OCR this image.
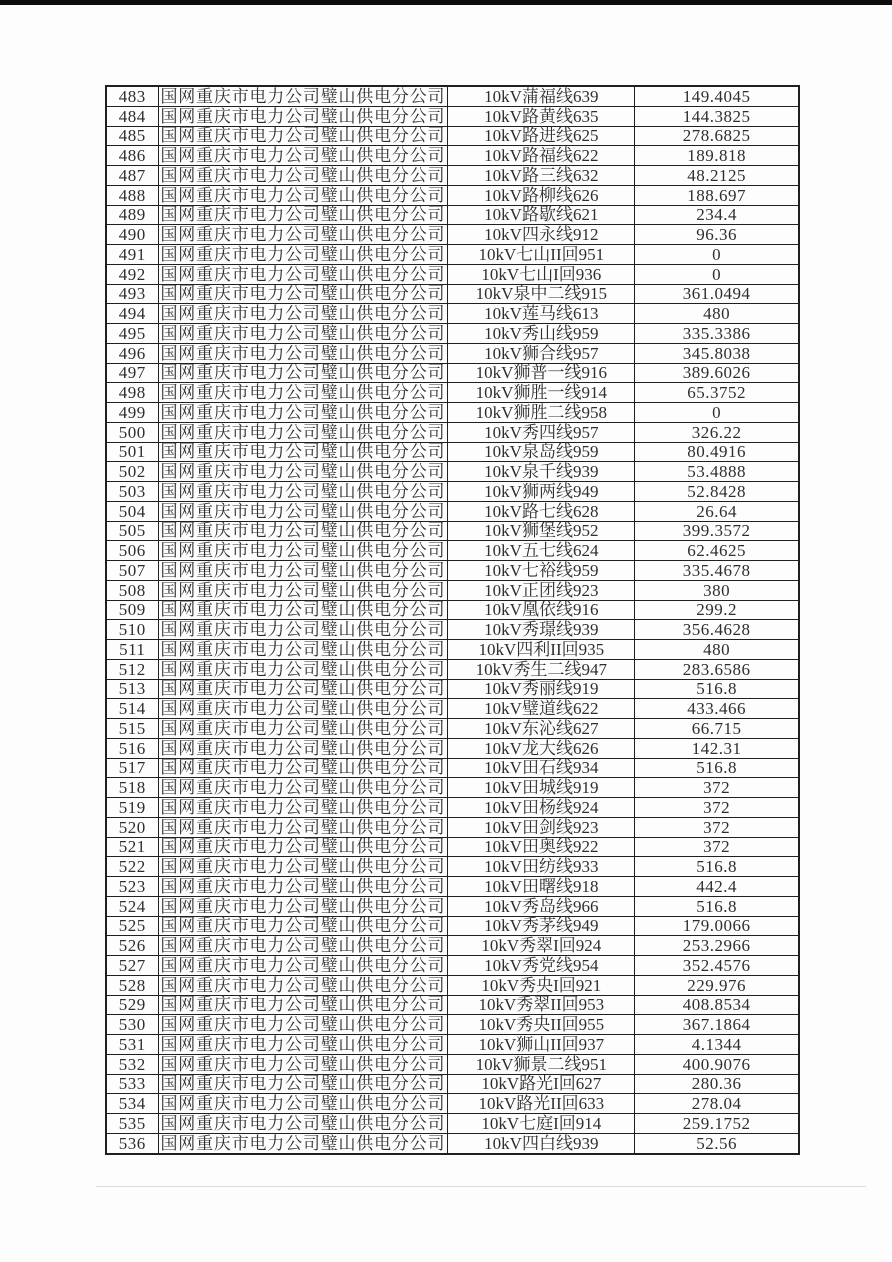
483	国网重庆市电力公司璧山供电分公司	10kV蒲福线639	149.4045
484	国网重庆市电力公司璧山供电分公司	10kV路黄线635	144.3825
485	国网重庆市电力公司璧山供电分公司	10kV路进线625	278.6825
486	国网重庆市电力公司璧山供电分公司	10kV路福线622	189.818
487	国网重庆市电力公司璧山供电分公司	10kV路三线632	48.2125
488	国网重庆市电力公司璧山供电分公司	10kV路柳线626	188.697
489	国网重庆市电力公司璧山供电分公司	10kV路歇线621	234.4
490	国网重庆市电力公司璧山供电分公司	10kV四永线912	96.36
491	国网重庆市电力公司璧山供电分公司	10kV七山II回951	0
492	国网重庆市电力公司璧山供电分公司	10kV七山I回936	0
493	国网重庆市电力公司璧山供电分公司	10kV泉中二线915	361.0494
494	国网重庆市电力公司璧山供电分公司	10kV莲马线613	480
495	国网重庆市电力公司璧山供电分公司	10kV秀山线959	335.3386
496	国网重庆市电力公司璧山供电分公司	10kV狮合线957	345.8038
497	国网重庆市电力公司璧山供电分公司	10kV狮普一线916	389.6026
498	国网重庆市电力公司璧山供电分公司	10kV狮胜一线914	65.3752
499	国网重庆市电力公司璧山供电分公司	10kV狮胜二线958	0
500	国网重庆市电力公司璧山供电分公司	10kV秀四线957	326.22
501	国网重庆市电力公司璧山供电分公司	10kV泉岛线959	80.4916
502	国网重庆市电力公司璧山供电分公司	10kV泉千线939	53.4888
503	国网重庆市电力公司璧山供电分公司	10kV狮两线949	52.8428
504	国网重庆市电力公司璧山供电分公司	10kV路七线628	26.64
505	国网重庆市电力公司璧山供电分公司	10kV狮堡线952	399.3572
506	国网重庆市电力公司璧山供电分公司	10kV五七线624	62.4625
507	国网重庆市电力公司璧山供电分公司	10kV七裕线959	335.4678
508	国网重庆市电力公司璧山供电分公司	10kV正团线923	380
509	国网重庆市电力公司璧山供电分公司	10kV凰依线916	299.2
510	国网重庆市电力公司璧山供电分公司	10kV秀璟线939	356.4628
511	国网重庆市电力公司璧山供电分公司	10kV四利II回935	480
512	国网重庆市电力公司璧山供电分公司	10kV秀生二线947	283.6586
513	国网重庆市电力公司璧山供电分公司	10kV秀丽线919	516.8
514	国网重庆市电力公司璧山供电分公司	10kV璧道线622	433.466
515	国网重庆市电力公司璧山供电分公司	10kV东沁线627	66.715
516	国网重庆市电力公司璧山供电分公司	10kV龙大线626	142.31
517	国网重庆市电力公司璧山供电分公司	10kV田石线934	516.8
518	国网重庆市电力公司璧山供电分公司	10kV田城线919	372
519	国网重庆市电力公司璧山供电分公司	10kV田杨线924	372
520	国网重庆市电力公司璧山供电分公司	10kV田剑线923	372
521	国网重庆市电力公司璧山供电分公司	10kV田奥线922	372
522	国网重庆市电力公司璧山供电分公司	10kV田纺线933	516.8
523	国网重庆市电力公司璧山供电分公司	10kV田曙线918	442.4
524	国网重庆市电力公司璧山供电分公司	10kV秀岛线966	516.8
525	国网重庆市电力公司璧山供电分公司	10kV秀茅线949	179.0066
526	国网重庆市电力公司璧山供电分公司	10kV秀翠I回924	253.2966
527	国网重庆市电力公司璧山供电分公司	10kV秀党线954	352.4576
528	国网重庆市电力公司璧山供电分公司	10kV秀央I回921	229.976
529	国网重庆市电力公司璧山供电分公司	10kV秀翠II回953	408.8534
530	国网重庆市电力公司璧山供电分公司	10kV秀央II回955	367.1864
531	国网重庆市电力公司璧山供电分公司	10kV狮山II回937	4.1344
532	国网重庆市电力公司璧山供电分公司	10kV狮景二线951	400.9076
533	国网重庆市电力公司璧山供电分公司	10kV路光I回627	280.36
534	国网重庆市电力公司璧山供电分公司	10kV路光II回633	278.04
535	国网重庆市电力公司璧山供电分公司	10kV七庭I回914	259.1752
536	国网重庆市电力公司璧山供电分公司	10kV四白线939	52.56
